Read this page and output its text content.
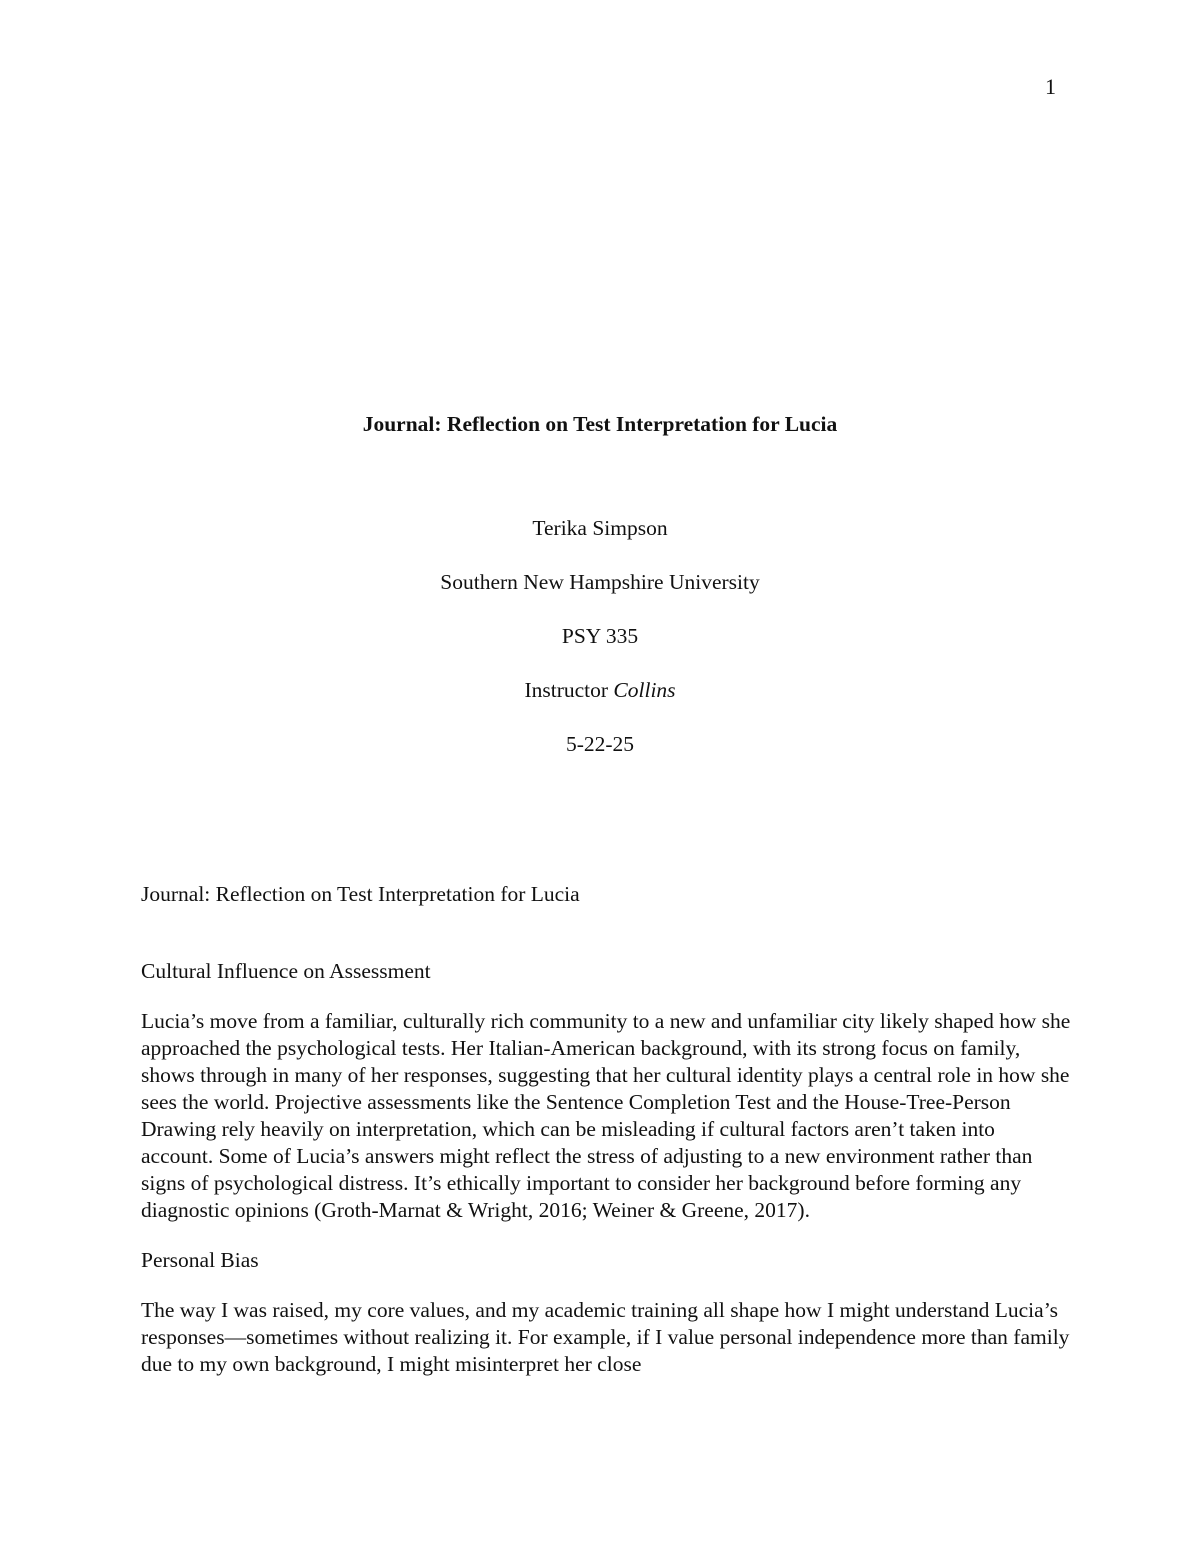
1

Journal: Reflection on Test Interpretation for Lucia

Terika Simpson

Southern New Hampshire University

PSY 335

Instructor Collins

5-22-25

Journal: Reflection on Test Interpretation for Lucia

Cultural Influence on Assessment

Lucia’s move from a familiar, culturally rich community to a new and unfamiliar city likely shaped how she approached the psychological tests. Her Italian-American background, with its strong focus on family, shows through in many of her responses, suggesting that her cultural identity plays a central role in how she sees the world. Projective assessments like the Sentence Completion Test and the House-Tree-Person Drawing rely heavily on interpretation, which can be misleading if cultural factors aren’t taken into account. Some of Lucia’s answers might reflect the stress of adjusting to a new environment rather than signs of psychological distress. It’s ethically important to consider her background before forming any diagnostic opinions (Groth-Marnat & Wright, 2016; Weiner & Greene, 2017).

Personal Bias

The way I was raised, my core values, and my academic training all shape how I might understand Lucia’s responses—sometimes without realizing it. For example, if I value personal independence more than family due to my own background, I might misinterpret her close
